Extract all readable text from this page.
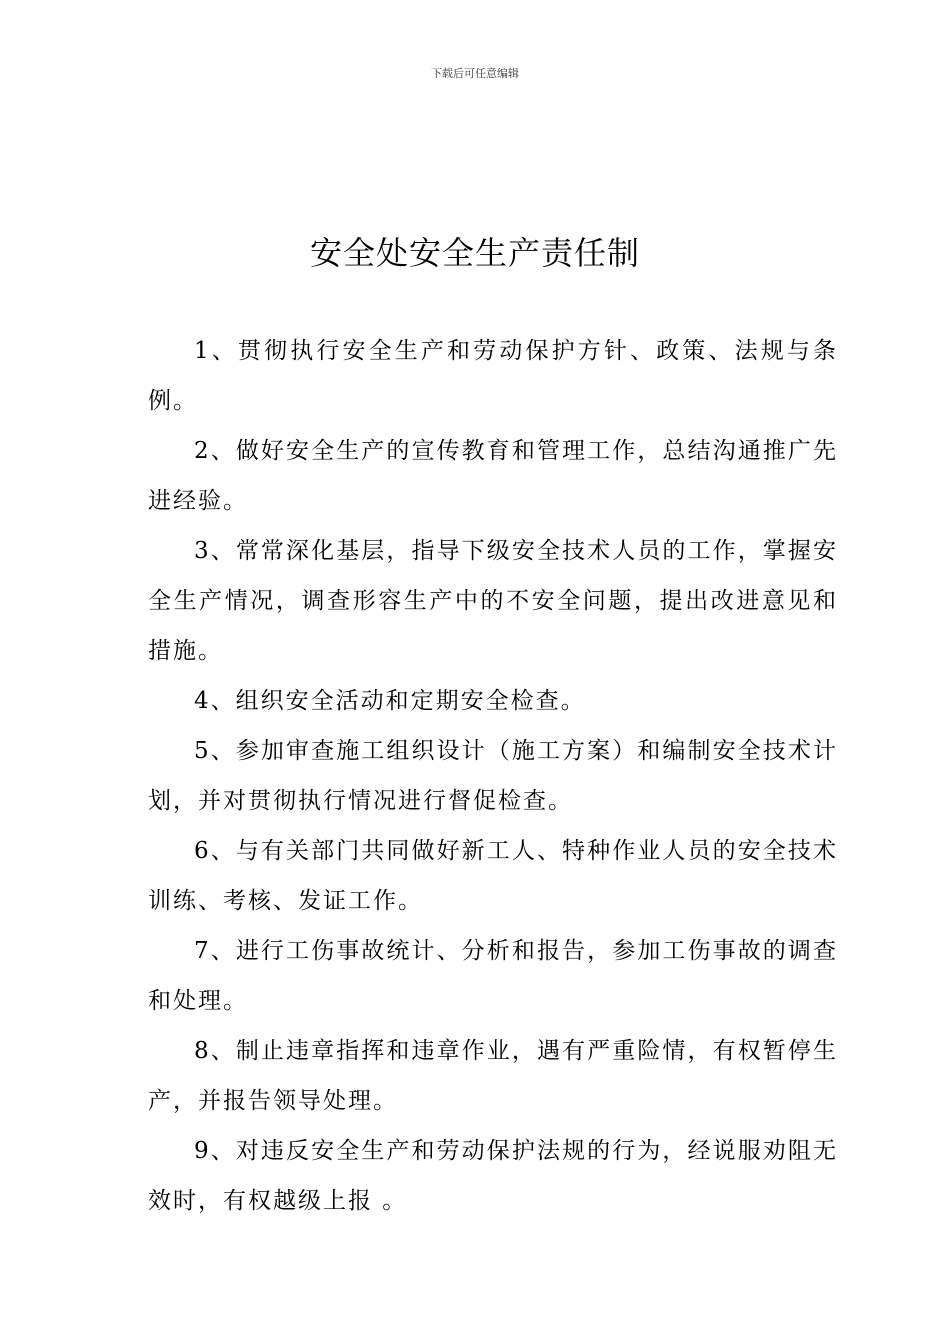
下载后可任意编辑
安全处安全生产责任制

1、贯彻执行安全生产和劳动保护方针、政策、法规与条例。

2、做好安全生产的宣传教育和管理工作，总结沟通推广先进经验。

3、常常深化基层，指导下级安全技术人员的工作，掌握安全生产情况，调查形容生产中的不安全问题，提出改进意见和措施。

4、组织安全活动和定期安全检查。

5、参加审查施工组织设计（施工方案）和编制安全技术计划，并对贯彻执行情况进行督促检查。

6、与有关部门共同做好新工人、特种作业人员的安全技术训练、考核、发证工作。

7、进行工伤事故统计、分析和报告，参加工伤事故的调查和处理。

8、制止违章指挥和违章作业，遇有严重险情，有权暂停生产，并报告领导处理。

9、对违反安全生产和劳动保护法规的行为，经说服劝阻无效时，有权越级上报 。
